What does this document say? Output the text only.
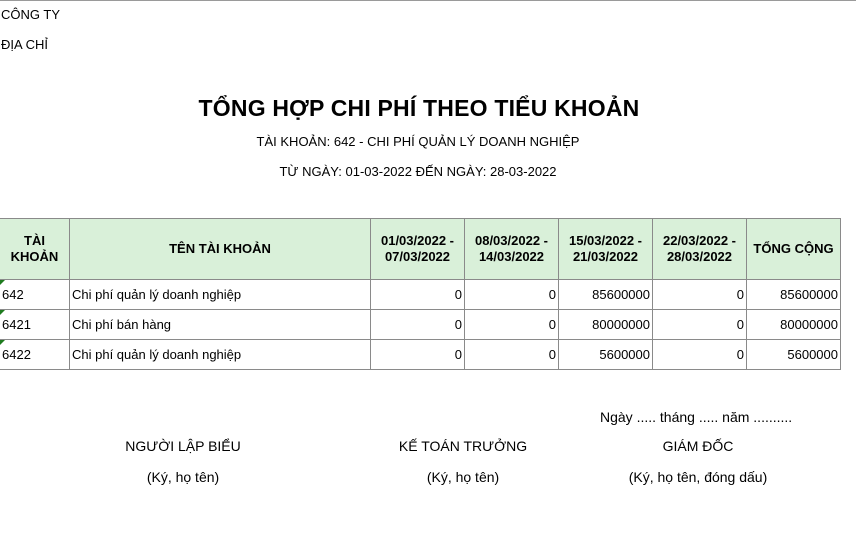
CÔNG TY
ĐỊA CHỈ
TỔNG HỢP CHI PHÍ THEO TIỂU KHOẢN
TÀI KHOẢN: 642 - CHI PHÍ QUẢN LÝ DOANH NGHIỆP
TỪ NGÀY: 01-03-2022 ĐẾN NGÀY: 28-03-2022
TÀI KHOẢN	TÊN TÀI KHOẢN	01/03/2022 - 07/03/2022	08/03/2022 - 14/03/2022	15/03/2022 - 21/03/2022	22/03/2022 - 28/03/2022	TỔNG CỘNG

642	Chi phí quản lý doanh nghiệp	0	0	85600000	0	85600000

6421	Chi phí bán hàng	0	0	80000000	0	80000000

6422	Chi phí quản lý doanh nghiệp	0	0	5600000	0	5600000
Ngày ..... tháng ..... năm ..........
NGƯỜI LẬP BIỂU
(Ký, họ tên)
KẾ TOÁN TRƯỞNG
(Ký, họ tên)
GIÁM ĐỐC
(Ký, họ tên, đóng dấu)
